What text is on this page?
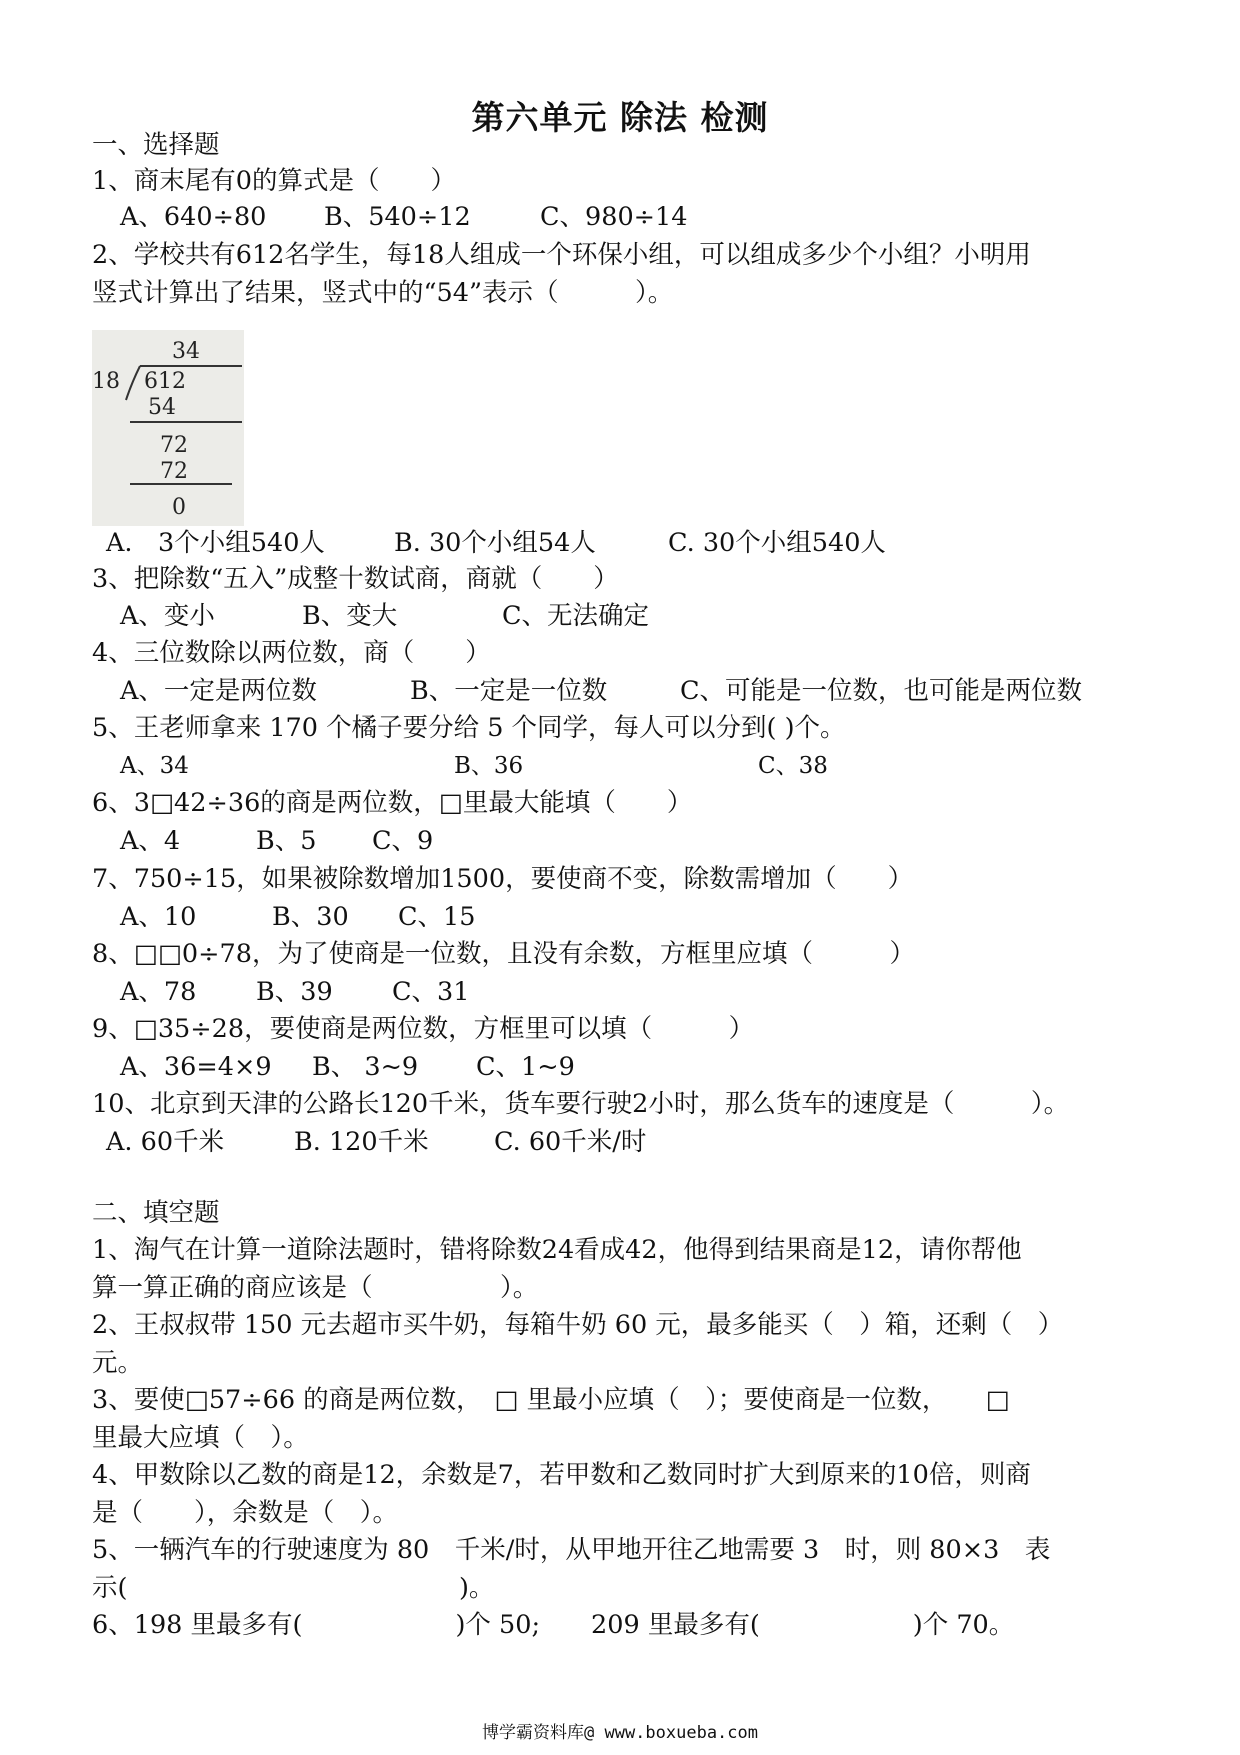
第六单元 除法 检测
一、选择题
1、商末尾有0的算式是（　　）
A、640÷80 B、540÷12	C、980÷14
2、学校共有612名学生，每18人组成一个环保小组，可以组成多少个小组？小明用
竖式计算出了结果，竖式中的“54”表示（　　　）。
34
18 612
54
72
72
0
A.　3个小组540人	B. 30个小组54人	C. 30个小组540人
3、把除数“五入”成整十数试商，商就（　　）
A、变小	B、变大	C、无法确定
4、三位数除以两位数，商（　　）
A、一定是两位数	B、一定是一位数	C、可能是一位数，也可能是两位数
5、王老师拿来 170 个橘子要分给 5 个同学，每人可以分到( )个。
A、34	B、36	C、38
6、3□42÷36的商是两位数，□里最大能填（　　）
A、4	B、5 C、9
7、750÷15，如果被除数增加1500，要使商不变，除数需增加（　　）
A、10	B、30 C、15
8、□□0÷78，为了使商是一位数，且没有余数，方框里应填（　　　）
A、78 B、39 C、31
9、□35÷28，要使商是两位数，方框里可以填（　　　）
A、36=4×9 B、 3~9 C、1~9
10、北京到天津的公路长120千米，货车要行驶2小时，那么货车的速度是（　　　）。
A. 60千米	B. 120千米	C. 60千米/时
二、填空题
1、淘气在计算一道除法题时，错将除数24看成42，他得到结果商是12，请你帮他
算一算正确的商应该是（　　　　　）。
2、王叔叔带 150 元去超市买牛奶，每箱牛奶 60 元，最多能买（　）箱，还剩（　）
元。
3、要使□57÷66 的商是两位数，　□ 里最小应填（　）；要使商是一位数，　　□
里最大应填（　）。
4、甲数除以乙数的商是12，余数是7，若甲数和乙数同时扩大到原来的10倍，则商
是（　　），余数是（　）。
5、一辆汽车的行驶速度为 80　千米/时，从甲地开往乙地需要 3　时，则 80×3　表
示(　　　　　　　　　　　　　)。
6、198 里最多有(　　　　　　)个 50;　　209 里最多有(　　　　　　)个 70。
博学霸资料库@ www.boxueba.com
